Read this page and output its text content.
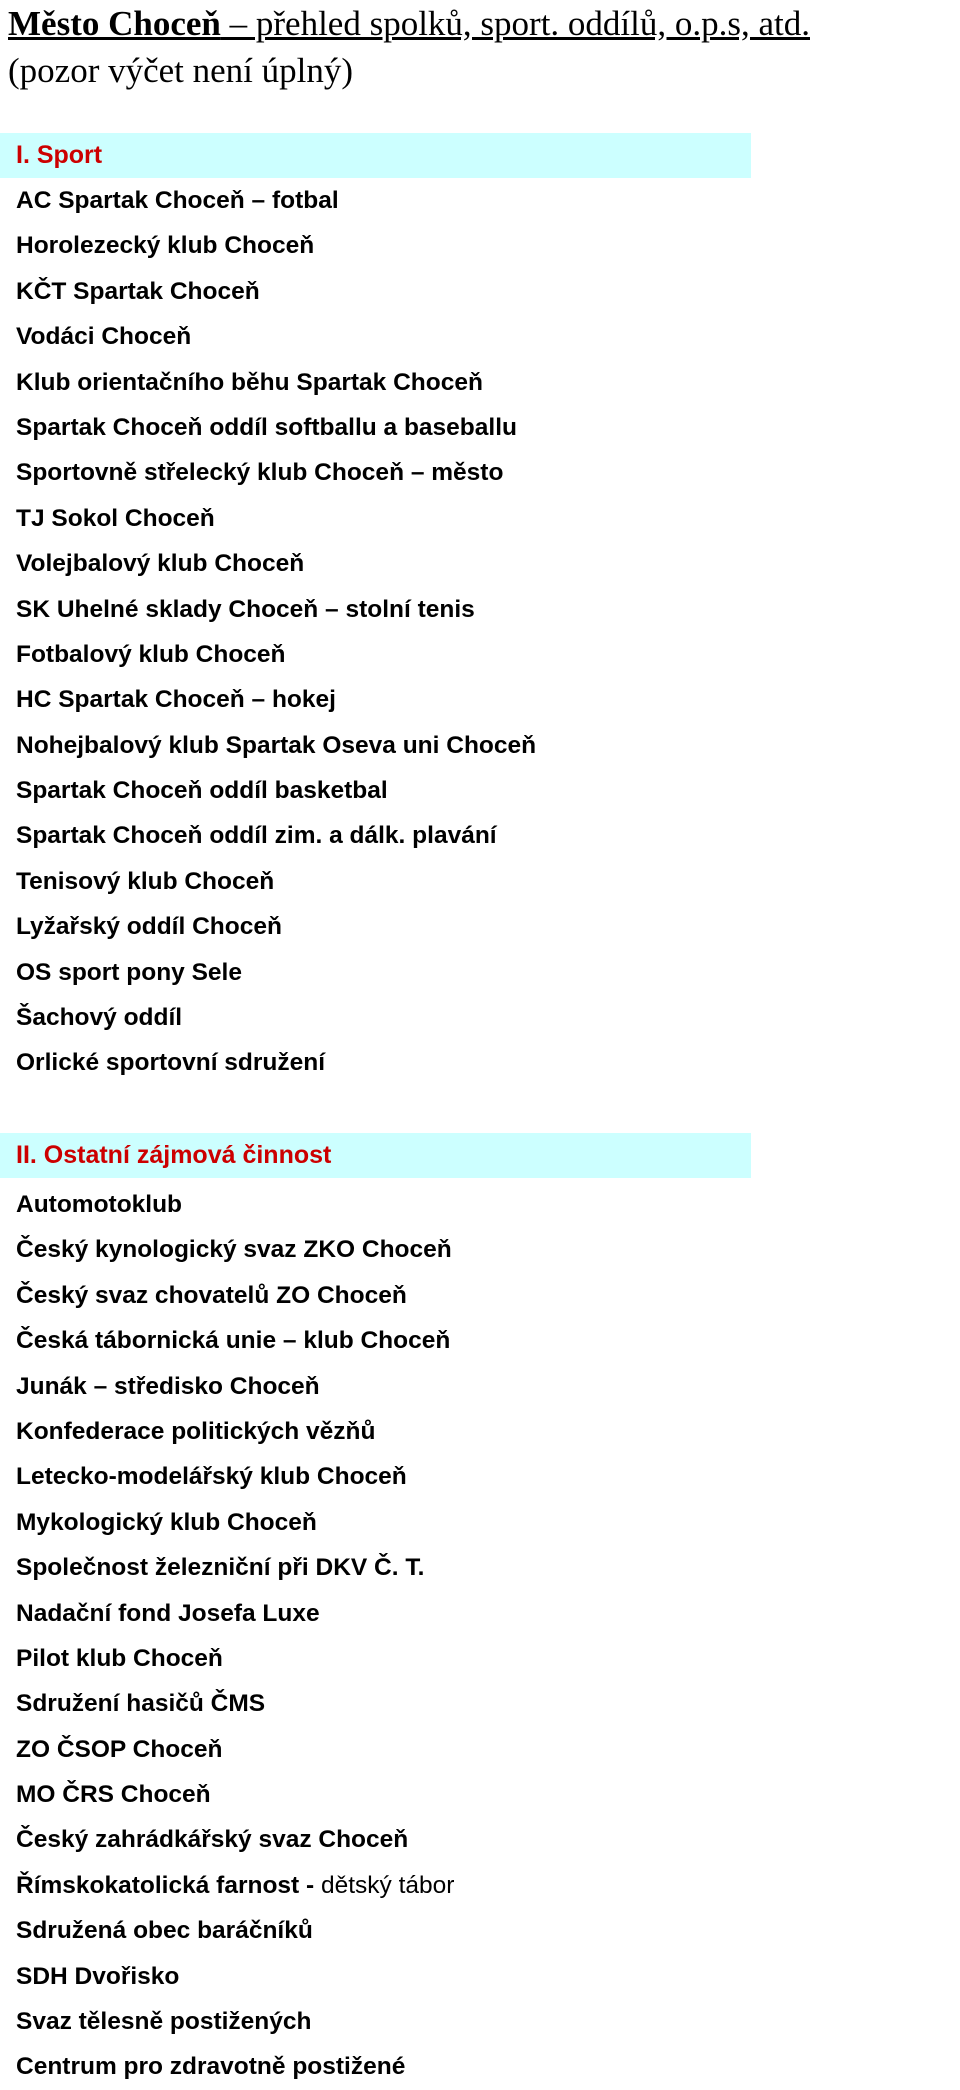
Město Choceň – přehled spolků, sport. oddílů, o.p.s, atd.
(pozor výčet není úplný)
I. Sport
AC Spartak Choceň – fotbal
Horolezecký klub Choceň
KČT Spartak Choceň
Vodáci Choceň
Klub orientačního běhu Spartak Choceň
Spartak Choceň oddíl softballu a baseballu
Sportovně střelecký klub Choceň – město
TJ Sokol Choceň
Volejbalový klub Choceň
SK Uhelné sklady Choceň – stolní tenis
Fotbalový klub Choceň
HC Spartak Choceň – hokej
Nohejbalový klub Spartak Oseva uni Choceň
Spartak Choceň oddíl basketbal
Spartak Choceň oddíl zim. a dálk. plavání
Tenisový klub Choceň
Lyžařský oddíl Choceň
OS sport pony Sele
Šachový oddíl
Orlické sportovní sdružení
II. Ostatní zájmová činnost
Automotoklub
Český kynologický svaz ZKO Choceň
Český svaz chovatelů ZO Choceň
Česká tábornická unie – klub Choceň
Junák – středisko Choceň
Konfederace politických vězňů
Letecko-modelářský klub Choceň
Mykologický klub Choceň
Společnost železniční při DKV Č. T.
Nadační fond Josefa Luxe
Pilot klub Choceň
Sdružení hasičů ČMS
ZO ČSOP Choceň
MO ČRS Choceň
Český zahrádkářský svaz Choceň
Římskokatolická farnost - dětský tábor
Sdružená obec baráčníků
SDH Dvořisko
Svaz tělesně postižených
Centrum pro zdravotně postižené
